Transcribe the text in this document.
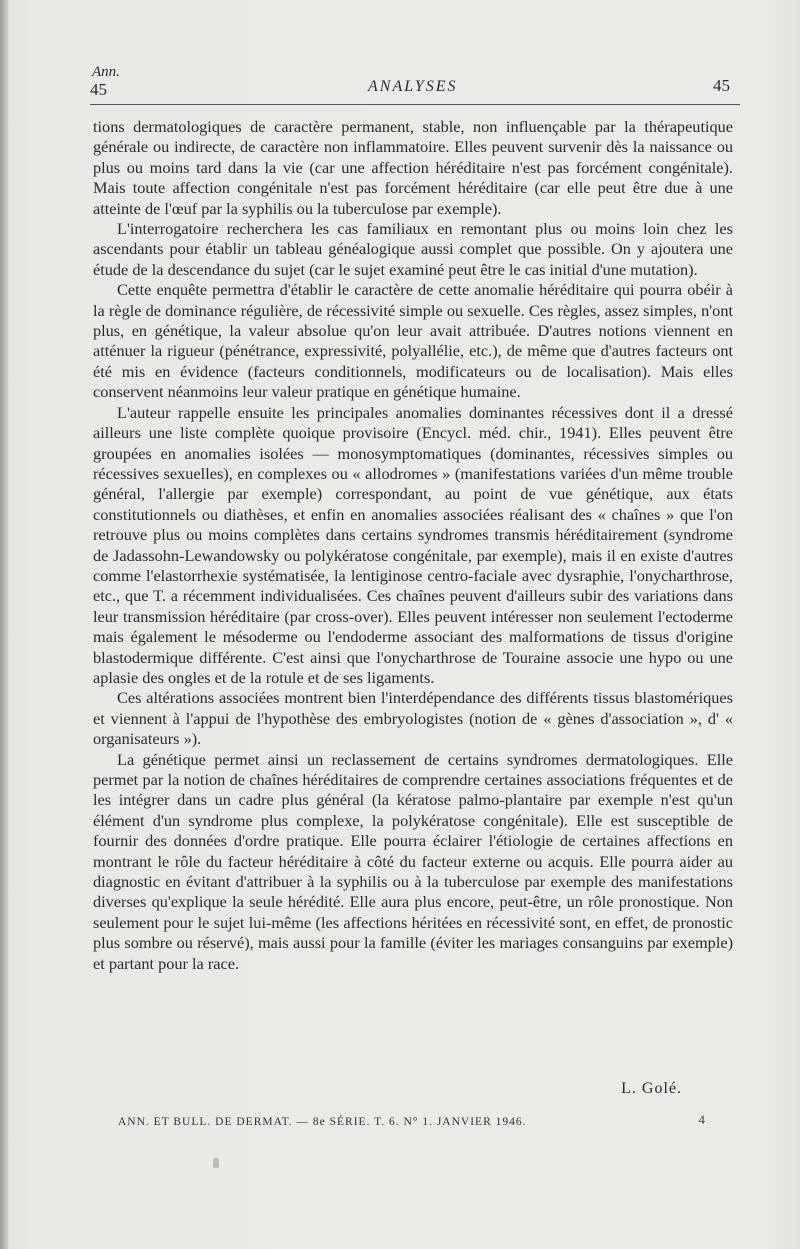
Ann.
45	ANALYSES	45

tions dermatologiques de caractère permanent, stable, non influençable par la thérapeutique générale ou indirecte, de caractère non inflammatoire. Elles peuvent survenir dès la naissance ou plus ou moins tard dans la vie (car une affection héréditaire n'est pas forcément congénitale). Mais toute affection congénitale n'est pas forcément héréditaire (car elle peut être due à une atteinte de l'œuf par la syphilis ou la tuberculose par exemple).

L'interrogatoire recherchera les cas familiaux en remontant plus ou moins loin chez les ascendants pour établir un tableau généalogique aussi complet que possible. On y ajoutera une étude de la descendance du sujet (car le sujet examiné peut être le cas initial d'une mutation).

Cette enquête permettra d'établir le caractère de cette anomalie héréditaire qui pourra obéir à la règle de dominance régulière, de récessivité simple ou sexuelle. Ces règles, assez simples, n'ont plus, en génétique, la valeur absolue qu'on leur avait attribuée. D'autres notions viennent en atténuer la rigueur (pénétrance, expressivité, polyallélie, etc.), de même que d'autres facteurs ont été mis en évidence (facteurs conditionnels, modificateurs ou de localisation). Mais elles conservent néanmoins leur valeur pratique en génétique humaine.

L'auteur rappelle ensuite les principales anomalies dominantes récessives dont il a dressé ailleurs une liste complète quoique provisoire (Encycl. méd. chir., 1941). Elles peuvent être groupées en anomalies isolées — monosymptomatiques (dominantes, récessives simples ou récessives sexuelles), en complexes ou « allodromes » (manifestations variées d'un même trouble général, l'allergie par exemple) correspondant, au point de vue génétique, aux états constitutionnels ou diathèses, et enfin en anomalies associées réalisant des « chaînes » que l'on retrouve plus ou moins complètes dans certains syndromes transmis héréditairement (syndrome de Jadassohn-Lewandowsky ou polykératose congénitale, par exemple), mais il en existe d'autres comme l'elastorrhexie systématisée, la lentiginose centro-faciale avec dysraphie, l'onycharthrose, etc., que T. a récemment individualisées. Ces chaînes peuvent d'ailleurs subir des variations dans leur transmission héréditaire (par cross-over). Elles peuvent intéresser non seulement l'ectoderme mais également le mésoderme ou l'endoderme associant des malformations de tissus d'origine blastodermique différente. C'est ainsi que l'onycharthrose de Touraine associe une hypo ou une aplasie des ongles et de la rotule et de ses ligaments.

Ces altérations associées montrent bien l'interdépendance des différents tissus blastomériques et viennent à l'appui de l'hypothèse des embryologistes (notion de « gènes d'association », d' « organisateurs »).

La génétique permet ainsi un reclassement de certains syndromes dermatologiques. Elle permet par la notion de chaînes héréditaires de comprendre certaines associations fréquentes et de les intégrer dans un cadre plus général (la kératose palmo-plantaire par exemple n'est qu'un élément d'un syndrome plus complexe, la polykératose congénitale). Elle est susceptible de fournir des données d'ordre pratique. Elle pourra éclairer l'étiologie de certaines affections en montrant le rôle du facteur héréditaire à côté du facteur externe ou acquis. Elle pourra aider au diagnostic en évitant d'attribuer à la syphilis ou à la tuberculose par exemple des manifestations diverses qu'explique la seule hérédité. Elle aura plus encore, peut-être, un rôle pronostique. Non seulement pour le sujet lui-même (les affections héritées en récessivité sont, en effet, de pronostic plus sombre ou réservé), mais aussi pour la famille (éviter les mariages consanguins par exemple) et partant pour la race.

L. Golé.
ANN. ET BULL. DE DERMAT. — 8e SÉRIE. T. 6. N° 1. JANVIER 1946.	4
